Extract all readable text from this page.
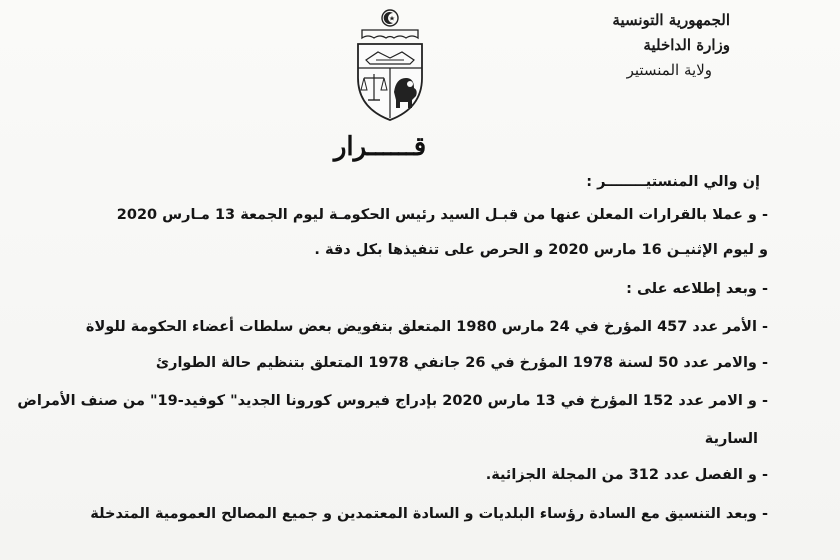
الجمهورية التونسية
وزارة الداخلية
ولاية المنستير
قــــــرار
إن والي المنستيــــــــر :
- و عملا بالقرارات المعلن عنها من قبـل السيد رئيس الحكومـة ليوم الجمعة 13 مـارس 2020
و ليوم الإثنيـن 16 مارس 2020 و الحرص على تنفيذها بكل دقة .
- وبعد إطلاعه على :
- الأمر عدد 457 المؤرخ في 24 مارس 1980 المتعلق بتفويض بعض سلطات أعضاء الحكومة للولاة
- والامر عدد 50 لسنة 1978 المؤرخ في 26 جانفي 1978 المتعلق بتنظيم حالة الطوارئ
- و الامر عدد 152 المؤرخ في 13 مارس 2020 بإدراج فيروس كورونا الجديد" كوفيد-19" من صنف الأمراض
السارية
- و الفصل عدد 312 من المجلة الجزائية.
- وبعد التنسيق مع السادة رؤساء البلديات و السادة المعتمدين و جميع المصالح العمومية المتدخلة
